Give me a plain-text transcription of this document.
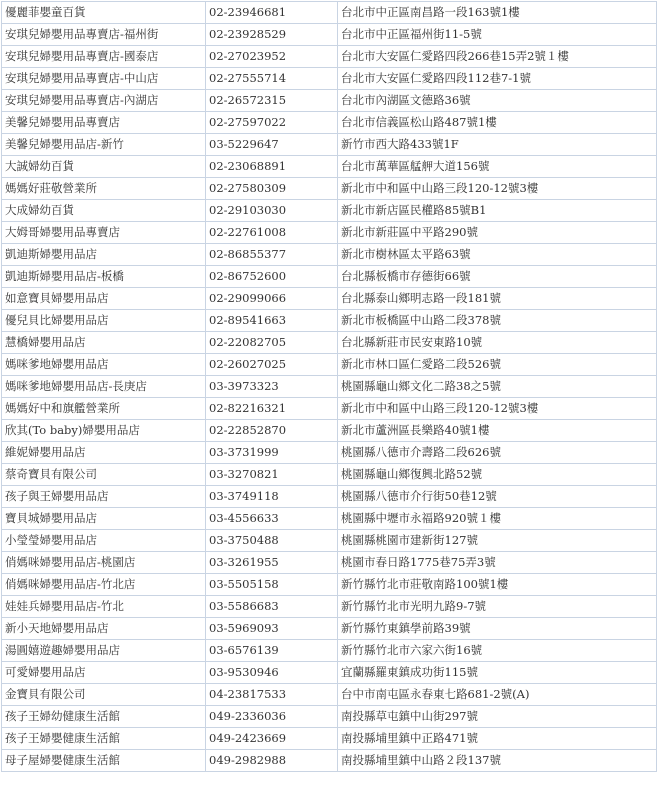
優麗菲嬰童百貨	02-23946681	台北市中正區南昌路一段163號1樓
安琪兒婦嬰用品專賣店-福州街	02-23928529	台北市中正區福州街11-5號
安琪兒婦嬰用品專賣店-國泰店	02-27023952	台北市大安區仁愛路四段266巷15弄2號１樓
安琪兒婦嬰用品專賣店-中山店	02-27555714	台北市大安區仁愛路四段112巷7-1號
安琪兒婦嬰用品專賣店-內湖店	02-26572315	台北市內湖區文德路36號
美馨兒婦嬰用品專賣店	02-27597022	台北市信義區松山路487號1樓
美馨兒婦嬰用品店-新竹	03-5229647	新竹市西大路433號1F
大誠婦幼百貨	02-23068891	台北市萬華區艋舺大道156號
媽媽好莊敬營業所	02-27580309	新北市中和區中山路三段120-12號3樓
大成婦幼百貨	02-29103030	新北市新店區民權路85號B1
大姆哥婦嬰用品專賣店	02-22761008	新北市新莊區中平路290號
凱迪斯婦嬰用品店	02-86855377	新北市樹林區太平路63號
凱迪斯婦嬰用品店-板橋	02-86752600	台北縣板橋市存德街66號
如意寶貝婦嬰用品店	02-29099066	台北縣泰山鄉明志路一段181號
優兒貝比婦嬰用品店	02-89541663	新北市板橋區中山路二段378號
慧橋婦嬰用品店	02-22082705	台北縣新莊市民安東路10號
媽咪爹地婦嬰用品店	02-26027025	新北市林口區仁愛路二段526號
媽咪爹地婦嬰用品店-長庚店	03-3973323	桃園縣龜山鄉文化二路38之5號
媽媽好中和旗艦營業所	02-82216321	新北市中和區中山路三段120-12號3樓
欣其(To baby)婦嬰用品店	02-22852870	新北市蘆洲區長樂路40號1樓
維妮婦嬰用品店	03-3731999	桃園縣八德市介壽路二段626號
蔡奇寶貝有限公司	03-3270821	桃園縣龜山鄉復興北路52號
孩子與王婦嬰用品店	03-3749118	桃園縣八德市介行街50巷12號
寶貝城婦嬰用品店	03-4556633	桃園縣中壢市永福路920號１樓
小瑩瑩婦嬰用品店	03-3750488	桃園縣桃園市建新街127號
俏媽咪婦嬰用品店-桃園店	03-3261955	桃園市春日路1775巷75弄3號
俏媽咪婦嬰用品店-竹北店	03-5505158	新竹縣竹北市莊敬南路100號1樓
娃娃兵婦嬰用品店-竹北	03-5586683	新竹縣竹北市光明九路9-7號
新小天地婦嬰用品店	03-5969093	新竹縣竹東鎮學前路39號
湯圓嬉遊趣婦嬰用品店	03-6576139	新竹縣竹北市六家六街16號
可愛婦嬰用品店	03-9530946	宜蘭縣羅東鎮成功街115號
金寶貝有限公司	04-23817533	台中市南屯區永春東七路681-2號(A)
孩子王婦幼健康生活館	049-2336036	南投縣草屯鎮中山街297號
孩子王婦嬰健康生活館	049-2423669	南投縣埔里鎮中正路471號
母子屋婦嬰健康生活館	049-2982988	南投縣埔里鎮中山路２段137號
